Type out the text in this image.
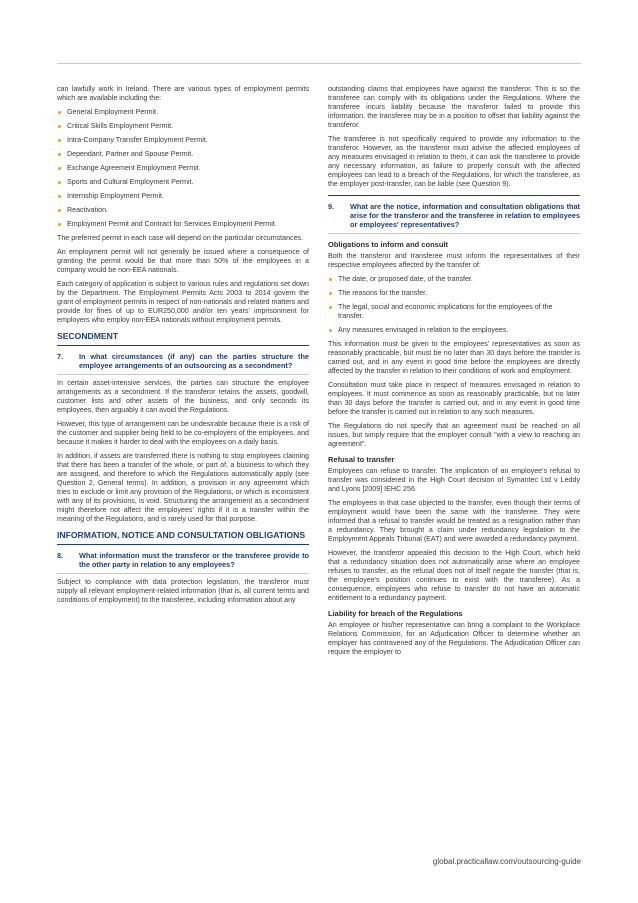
can lawfully work in Ireland. There are various types of employment permits which are available including the:

General Employment Permit.
Critical Skills Employment Permit.
Intra-Company Transfer Employment Permit.
Dependant, Partner and Spouse Permit.
Exchange Agreement Employment Permit.
Sports and Cultural Employment Permit.
Internship Employment Permit.
Reactivation.
Employment Permit and Contract for Services Employment Permit.

The preferred permit in each case will depend on the particular circumstances.

An employment permit will not generally be issued where a consequence of granting the permit would be that more than 50% of the employees in a company would be non-EEA nationals.

Each category of application is subject to various rules and regulations set down by the Department. The Employment Permits Acts 2003 to 2014 govern the grant of employment permits in respect of non-nationals and related matters and provide for fines of up to EUR250,000 and/or ten years' imprisonment for employers who employ non-EEA nationals without employment permits.

SECONDMENT
7.	In what circumstances (if any) can the parties structure the employee arrangements of an outsourcing as a secondment?

In certain asset-intensive services, the parties can structure the employee arrangements as a secondment. If the transferor retains the assets, goodwill, customer lists and other assets of the business, and only seconds its employees, then arguably it can avoid the Regulations.

However, this type of arrangement can be undesirable because there is a risk of the customer and supplier being held to be co-employers of the employees, and because it makes it harder to deal with the employees on a daily basis.

In addition, if assets are transferred there is nothing to stop employees claiming that there has been a transfer of the whole, or part of, a business to which they are assigned, and therefore to which the Regulations automatically apply (see Question 2, General terms). In addition, a provision in any agreement which tries to exclude or limit any provision of the Regulations, or which is inconsistent with any of its provisions, is void. Structuring the arrangement as a secondment might therefore not affect the employees' rights if it is a transfer within the meaning of the Regulations, and is rarely used for that purpose.

INFORMATION, NOTICE AND CONSULTATION OBLIGATIONS
8.	What information must the transferor or the transferee provide to the other party in relation to any employees?

Subject to compliance with data protection legislation, the transferor must supply all relevant employment-related information (that is, all current terms and conditions of employment) to the transferee, including information about any

outstanding claims that employees have against the transferor. This is so the transferee can comply with its obligations under the Regulations. Where the transferee incurs liability because the transferor failed to provide this information, the transferee may be in a position to offset that liability against the transferor.

The transferee is not specifically required to provide any information to the transferor. However, as the transferor must advise the affected employees of any measures envisaged in relation to them, it can ask the transferee to provide any necessary information, as failure to properly consult with the affected employees can lead to a breach of the Regulations, for which the transferee, as the employer post-transfer, can be liable (see Question 9).

9.	What are the notice, information and consultation obligations that arise for the transferor and the transferee in relation to employees or employees' representatives?
Obligations to inform and consult

Both the transferor and transferee must inform the representatives of their respective employees affected by the transfer of:

The date, or proposed date, of the transfer.
The reasons for the transfer.
The legal, social and economic implications for the employees of the transfer.
Any measures envisaged in relation to the employees.

This information must be given to the employees' representatives as soon as reasonably practicable, but must be no later than 30 days before the transfer is carried out, and in any event in good time before the employees are directly affected by the transfer in relation to their conditions of work and employment.

Consultation must take place in respect of measures envisaged in relation to employees. It must commence as soon as reasonably practicable, but no later than 30 days before the transfer is carried out, and in any event in good time before the transfer is carried out in relation to any such measures.

The Regulations do not specify that an agreement must be reached on all issues, but simply require that the employer consult "with a view to reaching an agreement".

Refusal to transfer

Employees can refuse to transfer. The implication of an employee's refusal to transfer was considered in the High Court decision of Symantec Ltd v Leddy and Lyons [2009] IEHC 256.

The employees in that case objected to the transfer, even though their terms of employment would have been the same with the transferee. They were informed that a refusal to transfer would be treated as a resignation rather than a redundancy. They brought a claim under redundancy legislation to the Employment Appeals Tribunal (EAT) and were awarded a redundancy payment.

However, the transferor appealed this decision to the High Court, which held that a redundancy situation does not automatically arise where an employee refuses to transfer, as the refusal does not of itself negate the transfer (that is, the employee's position continues to exist with the transferee). As a consequence, employees who refuse to transfer do not have an automatic entitlement to a redundancy payment.

Liability for breach of the Regulations

An employee or his/her representative can bring a complaint to the Workplace Relations Commission, for an Adjudication Officer to determine whether an employer has contravened any of the Regulations. The Adjudication Officer can require the employer to

global.practicallaw.com/outsourcing-guide
